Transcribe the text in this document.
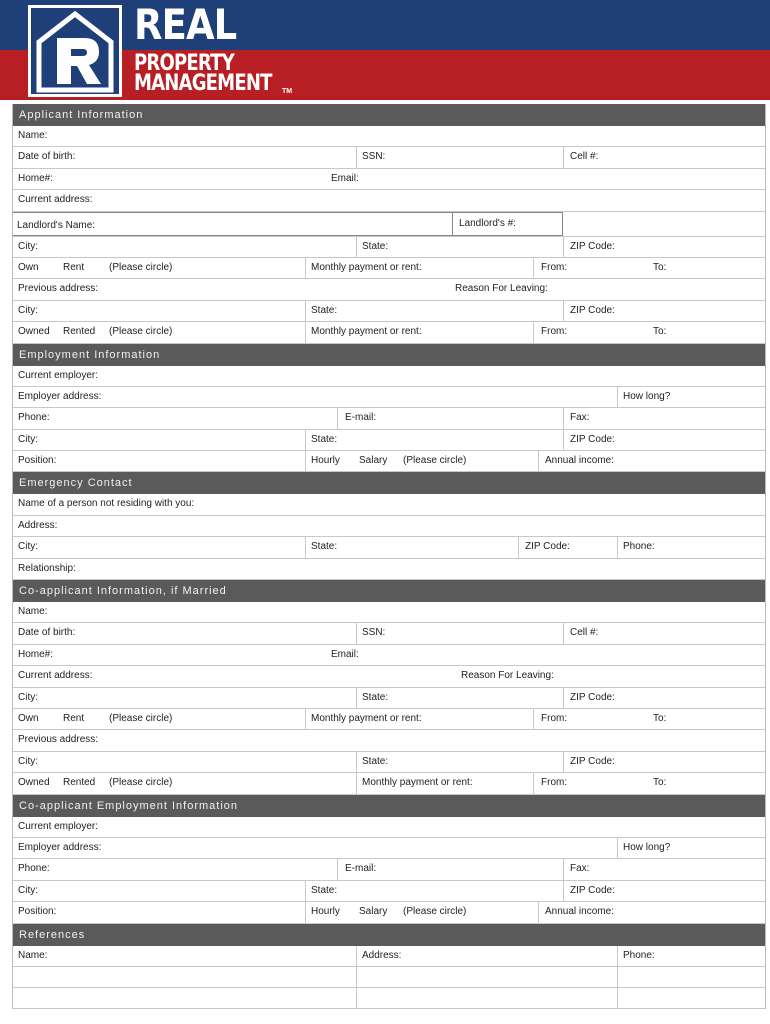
REAL
PROPERTY
MANAGEMENT TM
Applicant Information
Name:
Date of birth:	SSN:	Cell #:
Home#:	Email:
Current address:
Landlord's Name:	Landlord's #:
City:	State:	ZIP Code:
Own Rent (Please circle)	Monthly payment or rent:	From:	To:
Previous address:	Reason For Leaving:
City:	State:	ZIP Code:
Owned Rented (Please circle)	Monthly payment or rent:	From:	To:
Employment Information
Current employer:
Employer address:	How long?
Phone:	E-mail:	Fax:
City:	State:	ZIP Code:
Position:	Hourly Salary (Please circle)	Annual income:
Emergency Contact
Name of a person not residing with you:
Address:
City:	State:	ZIP Code:	Phone:
Relationship:
Co-applicant Information, if Married
Name:
Date of birth:	SSN:	Cell #:
Home#:	Email:
Current address:	Reason For Leaving:
City:	State:	ZIP Code:
Own Rent (Please circle)	Monthly payment or rent:	From:	To:
Previous address:
City:	State:	ZIP Code:
Owned Rented (Please circle)	Monthly payment or rent:	From:	To:
Co-applicant Employment Information
Current employer:
Employer address:	How long?
Phone:	E-mail:	Fax:
City:	State:	ZIP Code:
Position:	Hourly Salary (Please circle)	Annual income:
References
Name:	Address:	Phone:
